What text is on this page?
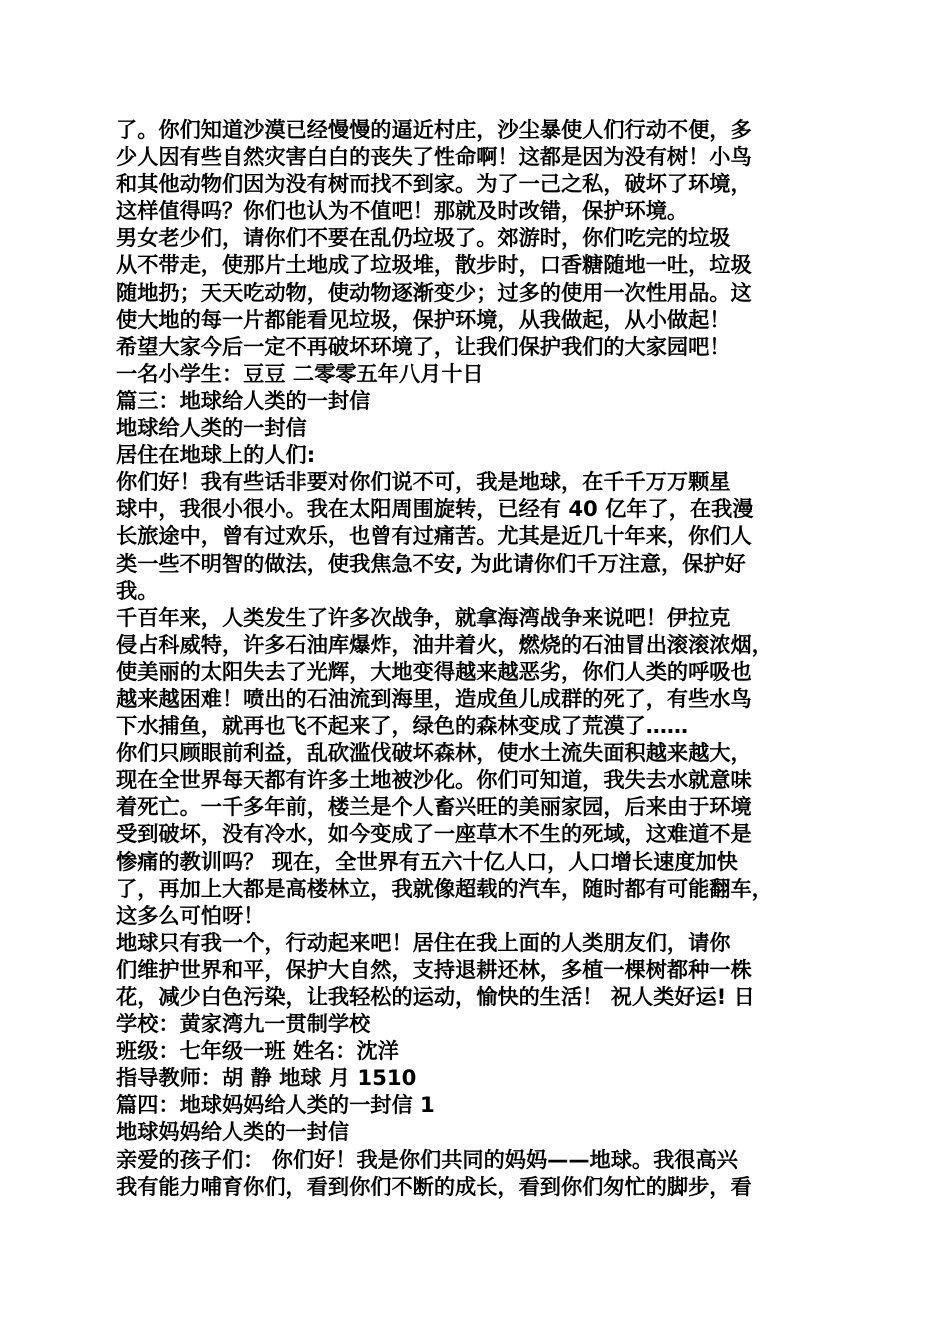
了。你们知道沙漠已经慢慢的逼近村庄，沙尘暴使人们行动不便，多
少人因有些自然灾害白白的丧失了性命啊！这都是因为没有树！小鸟
和其他动物们因为没有树而找不到家。为了一己之私，破坏了环境，
这样值得吗？你们也认为不值吧！那就及时改错，保护环境。
男女老少们，请你们不要在乱仍垃圾了。郊游时，你们吃完的垃圾
从不带走，使那片土地成了垃圾堆，散步时，口香糖随地一吐，垃圾
随地扔；天天吃动物，使动物逐渐变少；过多的使用一次性用品。这
使大地的每一片都能看见垃圾，保护环境，从我做起，从小做起！
希望大家今后一定不再破坏环境了，让我们保护我们的大家园吧！
一名小学生：豆豆 二零零五年八月十日
篇三：地球给人类的一封信
地球给人类的一封信
居住在地球上的人们:
你们好！我有些话非要对你们说不可，我是地球，在千千万万颗星
球中，我很小很小。我在太阳周围旋转，已经有 40 亿年了，在我漫
长旅途中，曾有过欢乐，也曾有过痛苦。尤其是近几十年来，你们人
类一些不明智的做法，使我焦急不安, 为此请你们千万注意，保护好
我。
千百年来，人类发生了许多次战争，就拿海湾战争来说吧！伊拉克
侵占科威特，许多石油库爆炸，油井着火，燃烧的石油冒出滚滚浓烟，
使美丽的太阳失去了光辉，大地变得越来越恶劣，你们人类的呼吸也
越来越困难！喷出的石油流到海里，造成鱼儿成群的死了，有些水鸟
下水捕鱼，就再也飞不起来了，绿色的森林变成了荒漠了……
你们只顾眼前利益，乱砍滥伐破坏森林，使水土流失面积越来越大，
现在全世界每天都有许多土地被沙化。你们可知道，我失去水就意味
着死亡。一千多年前，楼兰是个人畜兴旺的美丽家园，后来由于环境
受到破坏，没有冷水，如今变成了一座草木不生的死域，这难道不是
惨痛的教训吗？ 现在，全世界有五六十亿人口，人口增长速度加快
了，再加上大都是高楼林立，我就像超载的汽车，随时都有可能翻车，
这多么可怕呀！
地球只有我一个，行动起来吧！居住在我上面的人类朋友们，请你
们维护世界和平，保护大自然，支持退耕还林，多植一棵树都种一株
花，减少白色污染，让我轻松的运动，愉快的生活！ 祝人类好运! 日
学校：黄家湾九一贯制学校
班级：七年级一班 姓名：沈洋
指导教师：胡 静 地球 月 1510
篇四：地球妈妈给人类的一封信 1
地球妈妈给人类的一封信
亲爱的孩子们： 你们好！我是你们共同的妈妈——地球。我很高兴
我有能力哺育你们，看到你们不断的成长，看到你们匆忙的脚步，看
